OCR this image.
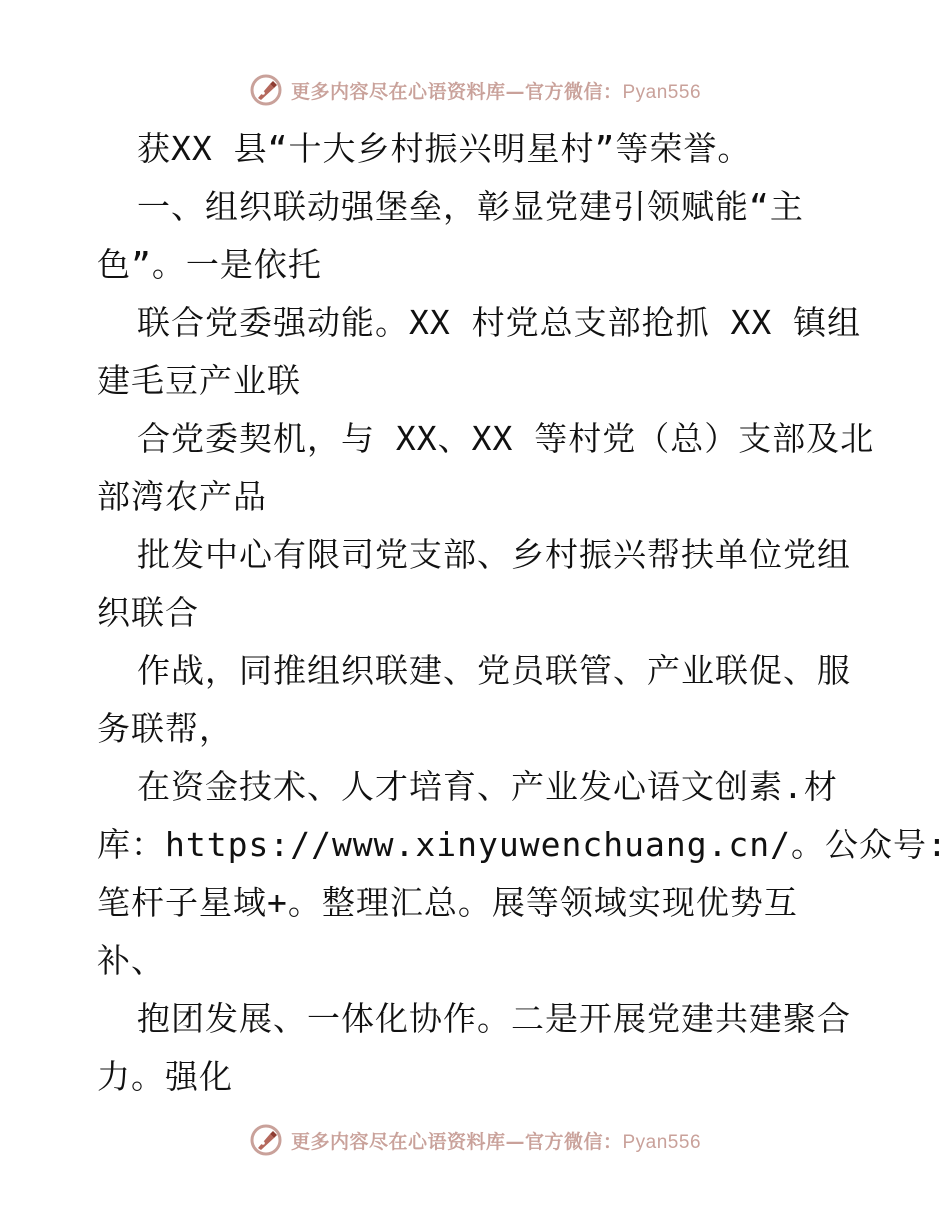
更多内容尽在心语资料库—官方微信：Pyan556
获XX 县“十大乡村振兴明星村”等荣誉。
一、组织联动强堡垒，彰显党建引领赋能“主
色”。一是依托
联合党委强动能。XX 村党总支部抢抓 XX 镇组
建毛豆产业联
合党委契机，与 XX、XX 等村党（总）支部及北
部湾农产品
批发中心有限司党支部、乡村振兴帮扶单位党组
织联合
作战，同推组织联建、党员联管、产业联促、服
务联帮，
在资金技术、人才培育、产业发心语文创素.材
库：https://www.xinyuwenchuang.cn/。公众号:
笔杆子星域+。整理汇总。展等领域实现优势互
补、
抱团发展、一体化协作。二是开展党建共建聚合
力。强化
更多内容尽在心语资料库—官方微信：Pyan556
